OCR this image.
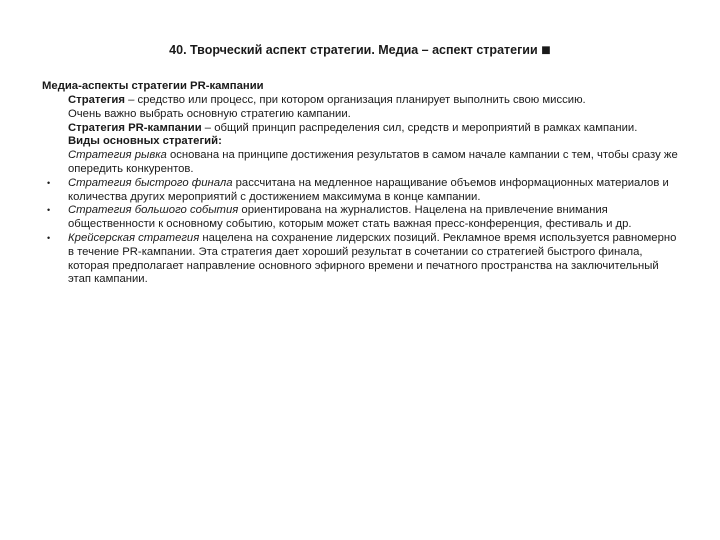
40. Творческий аспект стратегии. Медиа – аспект стратегии ■
Медиа-аспекты стратегии PR-кампании

Стратегия – средство или процесс, при котором организация планирует выполнить свою миссию.

Очень важно выбрать основную стратегию кампании.

Стратегия PR-кампании – общий принцип распределения сил, средств и мероприятий в рамках кампании.

Виды основных стратегий:

Стратегия рывка основана на принципе достижения результатов в самом начале кампании с тем, чтобы сразу же опередить конкурентов.

• Стратегия быстрого финала рассчитана на медленное наращивание объемов информационных материалов и количества других мероприятий с достижением максимума в конце кампании.

• Стратегия большого события ориентирована на журналистов. Нацелена на привлечение внимания общественности к основному событию, которым может стать важная пресс-конференция, фестиваль и др.

• Крейсерская стратегия нацелена на сохранение лидерских позиций. Рекламное время используется равномерно в течение PR-кампании. Эта стратегия дает хороший результат в сочетании со стратегией быстрого финала, которая предполагает направление основного эфирного времени и печатного пространства на заключительный этап кампании.
